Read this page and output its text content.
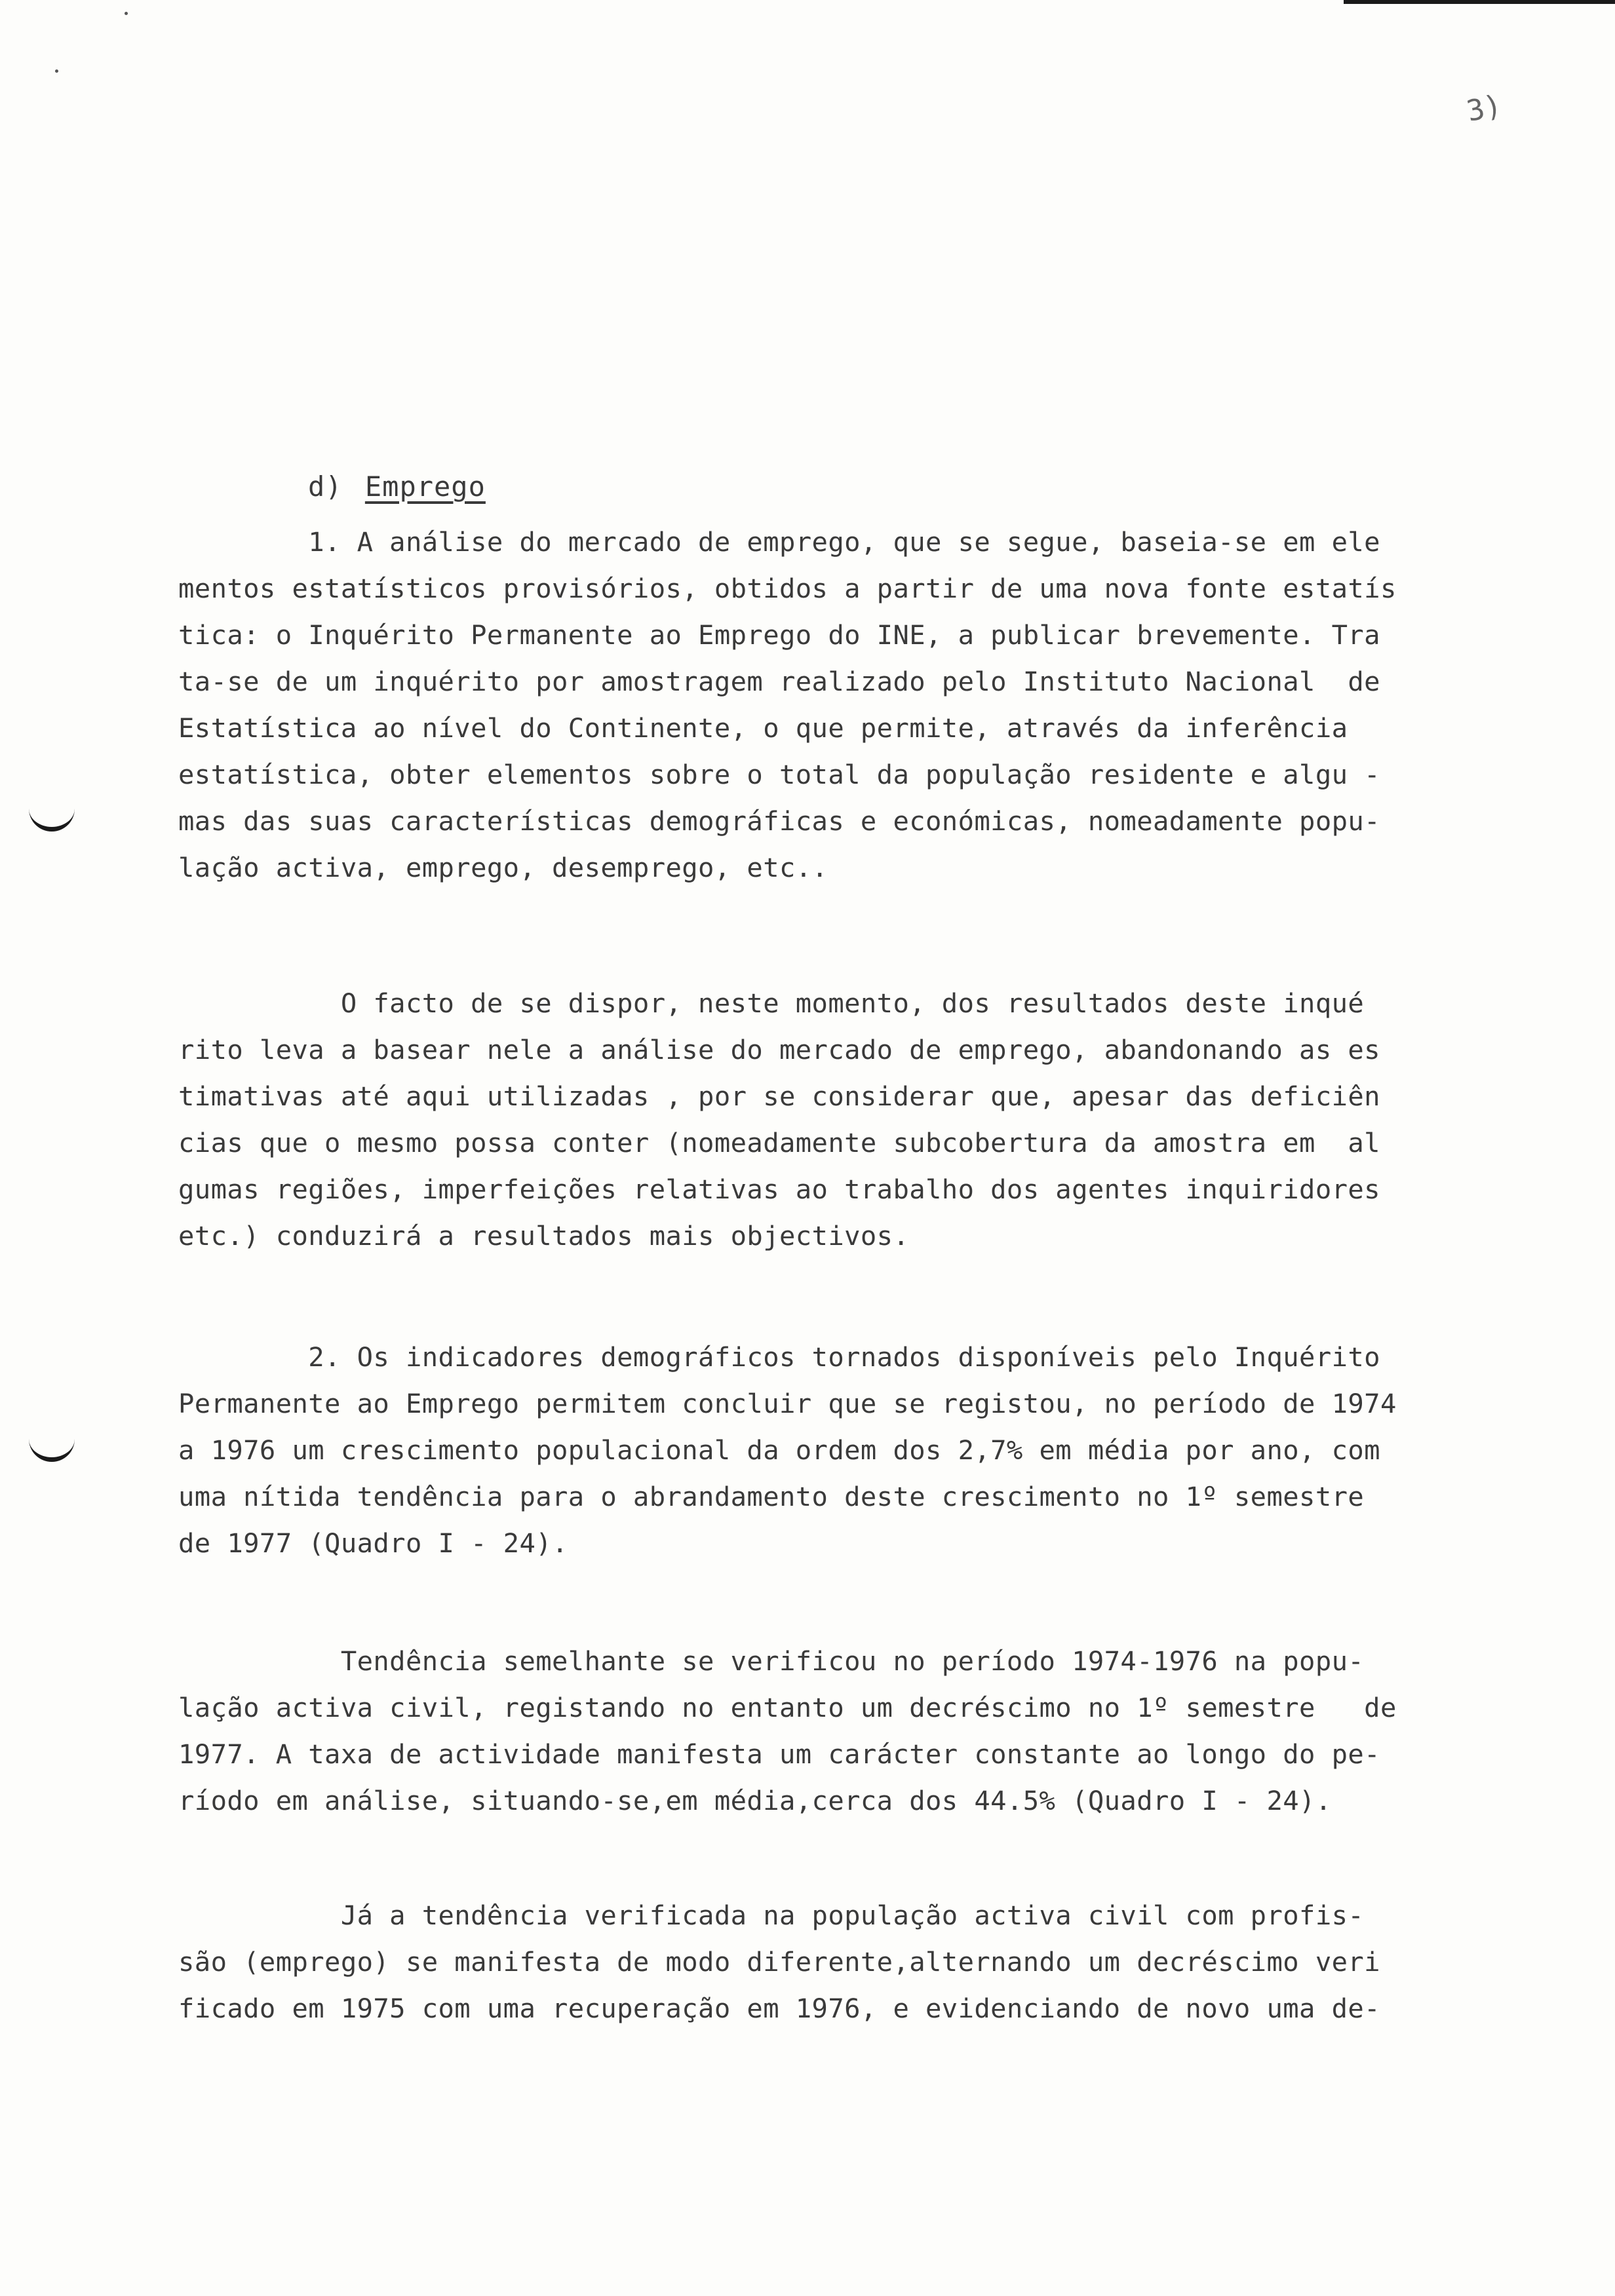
3)
d) Emprego
1. A análise do mercado de emprego, que se segue, baseia-se em ele
mentos estatísticos provisórios, obtidos a partir de uma nova fonte estatís
tica: o Inquérito Permanente ao Emprego do INE, a publicar brevemente. Tra
ta-se de um inquérito por amostragem realizado pelo Instituto Nacional  de
Estatística ao nível do Continente, o que permite, através da inferência
estatística, obter elementos sobre o total da população residente e algu -
mas das suas características demográficas e económicas, nomeadamente popu-
lação activa, emprego, desemprego, etc..
O facto de se dispor, neste momento, dos resultados deste inqué
rito leva a basear nele a análise do mercado de emprego, abandonando as es
timativas até aqui utilizadas , por se considerar que, apesar das deficiên
cias que o mesmo possa conter (nomeadamente subcobertura da amostra em  al
gumas regiões, imperfeições relativas ao trabalho dos agentes inquiridores
etc.) conduzirá a resultados mais objectivos.
2. Os indicadores demográficos tornados disponíveis pelo Inquérito
Permanente ao Emprego permitem concluir que se registou, no período de 1974
a 1976 um crescimento populacional da ordem dos 2,7% em média por ano, com
uma nítida tendência para o abrandamento deste crescimento no 1º semestre
de 1977 (Quadro I - 24).
Tendência semelhante se verificou no período 1974-1976 na popu-
lação activa civil, registando no entanto um decréscimo no 1º semestre   de
1977. A taxa de actividade manifesta um carácter constante ao longo do pe-
ríodo em análise, situando-se,em média,cerca dos 44.5% (Quadro I - 24).
Já a tendência verificada na população activa civil com profis-
são (emprego) se manifesta de modo diferente,alternando um decréscimo veri
ficado em 1975 com uma recuperação em 1976, e evidenciando de novo uma de-
